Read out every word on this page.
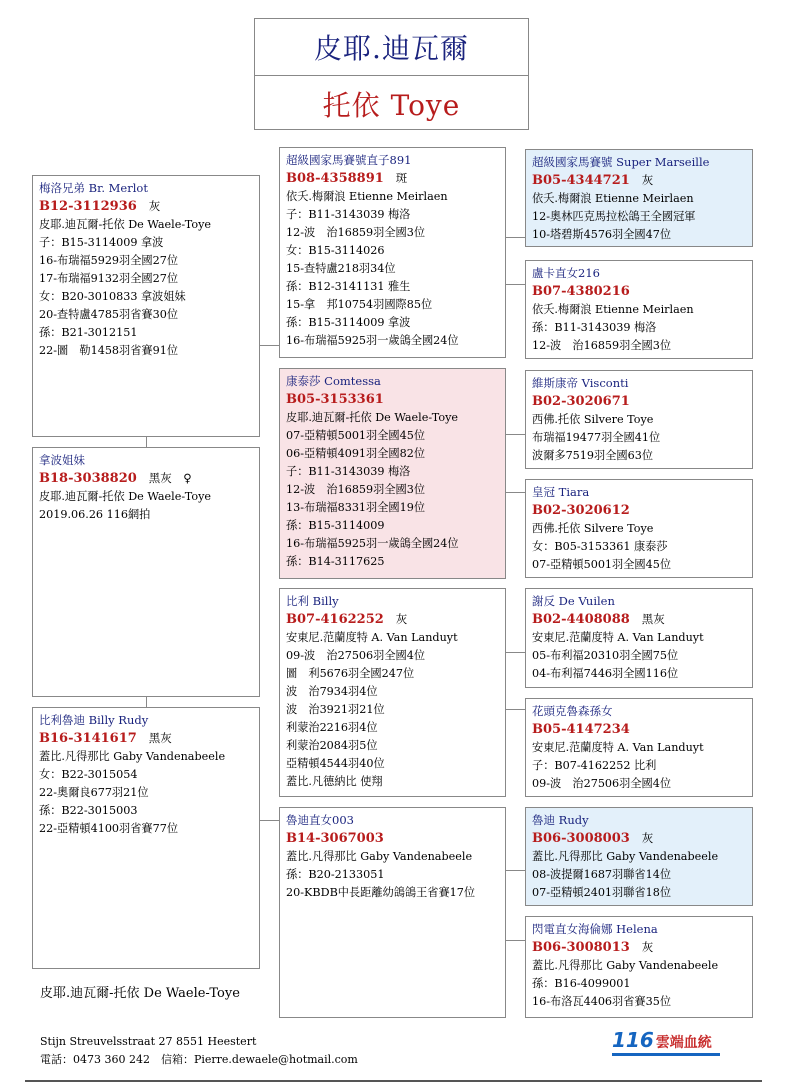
皮耶.迪瓦爾
托依 Toye
梅洛兄弟 Br. Merlot
B12-3112936 灰
皮耶.迪瓦爾-托依 De Waele-Toye
子：B15-3114009 拿波
16-布瑞福5929羽全國27位
17-布瑞福9132羽全國27位
女：B20-3010833 拿波姐妹
20-查特盧4785羽省賽30位
孫：B21-3012151
22-圖　勒1458羽省賽91位
拿波姐妹
B18-3038820 黑灰　♀
皮耶.迪瓦爾-托依 De Waele-Toye
2019.06.26 116網拍
比利魯迪 Billy Rudy
B16-3141617 黑灰
蓋比.凡得那比 Gaby Vandenabeele
女：B22-3015054
22-奧爾良677羽21位
孫：B22-3015003
22-亞精頓4100羽省賽77位
超級國家馬賽號直子891
B08-4358891 斑
依夭.梅爾浪 Etienne Meirlaen
子：B11-3143039 梅洛
12-波　治16859羽全國3位
女：B15-3114026
15-查特盧218羽34位
孫：B12-3141131 雅生
15-拿　邦10754羽國際85位
孫：B15-3114009 拿波
16-布瑞福5925羽一歲鴿全國24位
康泰莎 Comtessa
B05-3153361
皮耶.迪瓦爾-托依 De Waele-Toye
07-亞精頓5001羽全國45位
06-亞精頓4091羽全國82位
子：B11-3143039 梅洛
12-波　治16859羽全國3位
13-布瑞福8331羽全國19位
孫：B15-3114009
16-布瑞福5925羽一歲鴿全國24位
孫：B14-3117625
比利 Billy
B07-4162252 灰
安東尼.范蘭度特 A. Van Landuyt
09-波　治27506羽全國4位
圖　利5676羽全國247位
波　治7934羽4位
波　治3921羽21位
利蒙治2216羽4位
利蒙治2084羽5位
亞精頓4544羽40位
蓋比.凡德納比 使翔
魯迪直女003
B14-3067003
蓋比.凡得那比 Gaby Vandenabeele
孫：B20-2133051
20-KBDB中長距離幼鴿鴿王省賽17位
超級國家馬賽號 Super Marseille
B05-4344721 灰
依夭.梅爾浪 Etienne Meirlaen
12-奧林匹克馬拉松鴿王全國冠軍
10-塔碧斯4576羽全國47位
盧卡直女216
B07-4380216
依夭.梅爾浪 Etienne Meirlaen
孫：B11-3143039 梅洛
12-波　治16859羽全國3位
維斯康帝 Visconti
B02-3020671
西佛.托依 Silvere Toye
布瑞福19477羽全國41位
波爾多7519羽全國63位
皇冠 Tiara
B02-3020612
西佛.托依 Silvere Toye
女：B05-3153361 康泰莎
07-亞精頓5001羽全國45位
謝反 De Vuilen
B02-4408088 黑灰
安東尼.范蘭度特 A. Van Landuyt
05-布利福20310羽全國75位
04-布利福7446羽全國116位
花頭克魯森孫女
B05-4147234
安東尼.范蘭度特 A. Van Landuyt
子：B07-4162252 比利
09-波　治27506羽全國4位
魯迪 Rudy
B06-3008003 灰
蓋比.凡得那比 Gaby Vandenabeele
08-波提爾1687羽聯省14位
07-亞精頓2401羽聯省18位
閃電直女海倫娜 Helena
B06-3008013 灰
蓋比.凡得那比 Gaby Vandenabeele
孫：B16-4099001
16-布洛瓦4406羽省賽35位
皮耶.迪瓦爾-托依 De Waele-Toye
Stijn Streuvelsstraat 27 8551 Heestert
電話：0473 360 242　信箱：Pierre.dewaele@hotmail.com
116 雲端血統
